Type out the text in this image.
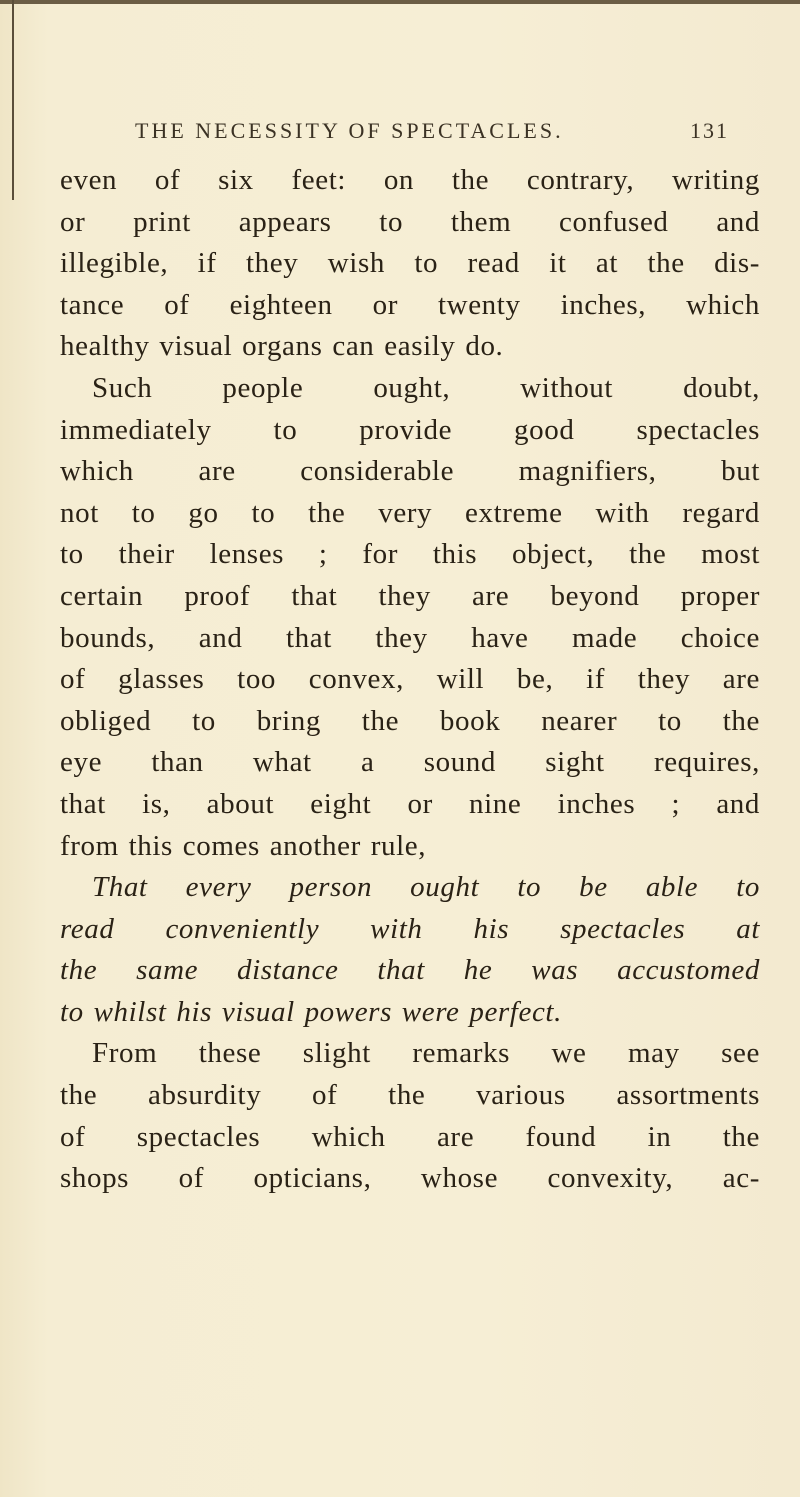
THE NECESSITY OF SPECTACLES.	131
even of six feet: on the contrary, writing
or print appears to them confused and
illegible, if they wish to read it at the dis-
tance of eighteen or twenty inches, which
healthy visual organs can easily do.
Such people ought, without doubt,
immediately to provide good spectacles
which are considerable magnifiers, but
not to go to the very extreme with regard
to their lenses ; for this object, the most
certain proof that they are beyond proper
bounds, and that they have made choice
of glasses too convex, will be, if they are
obliged to bring the book nearer to the
eye than what a sound sight requires,
that is, about eight or nine inches ; and
from this comes another rule,
That every person ought to be able to
read conveniently with his spectacles at
the same distance that he was accustomed
to whilst his visual powers were perfect.
From these slight remarks we may see
the absurdity of the various assortments
of spectacles which are found in the
shops of opticians, whose convexity, ac-
